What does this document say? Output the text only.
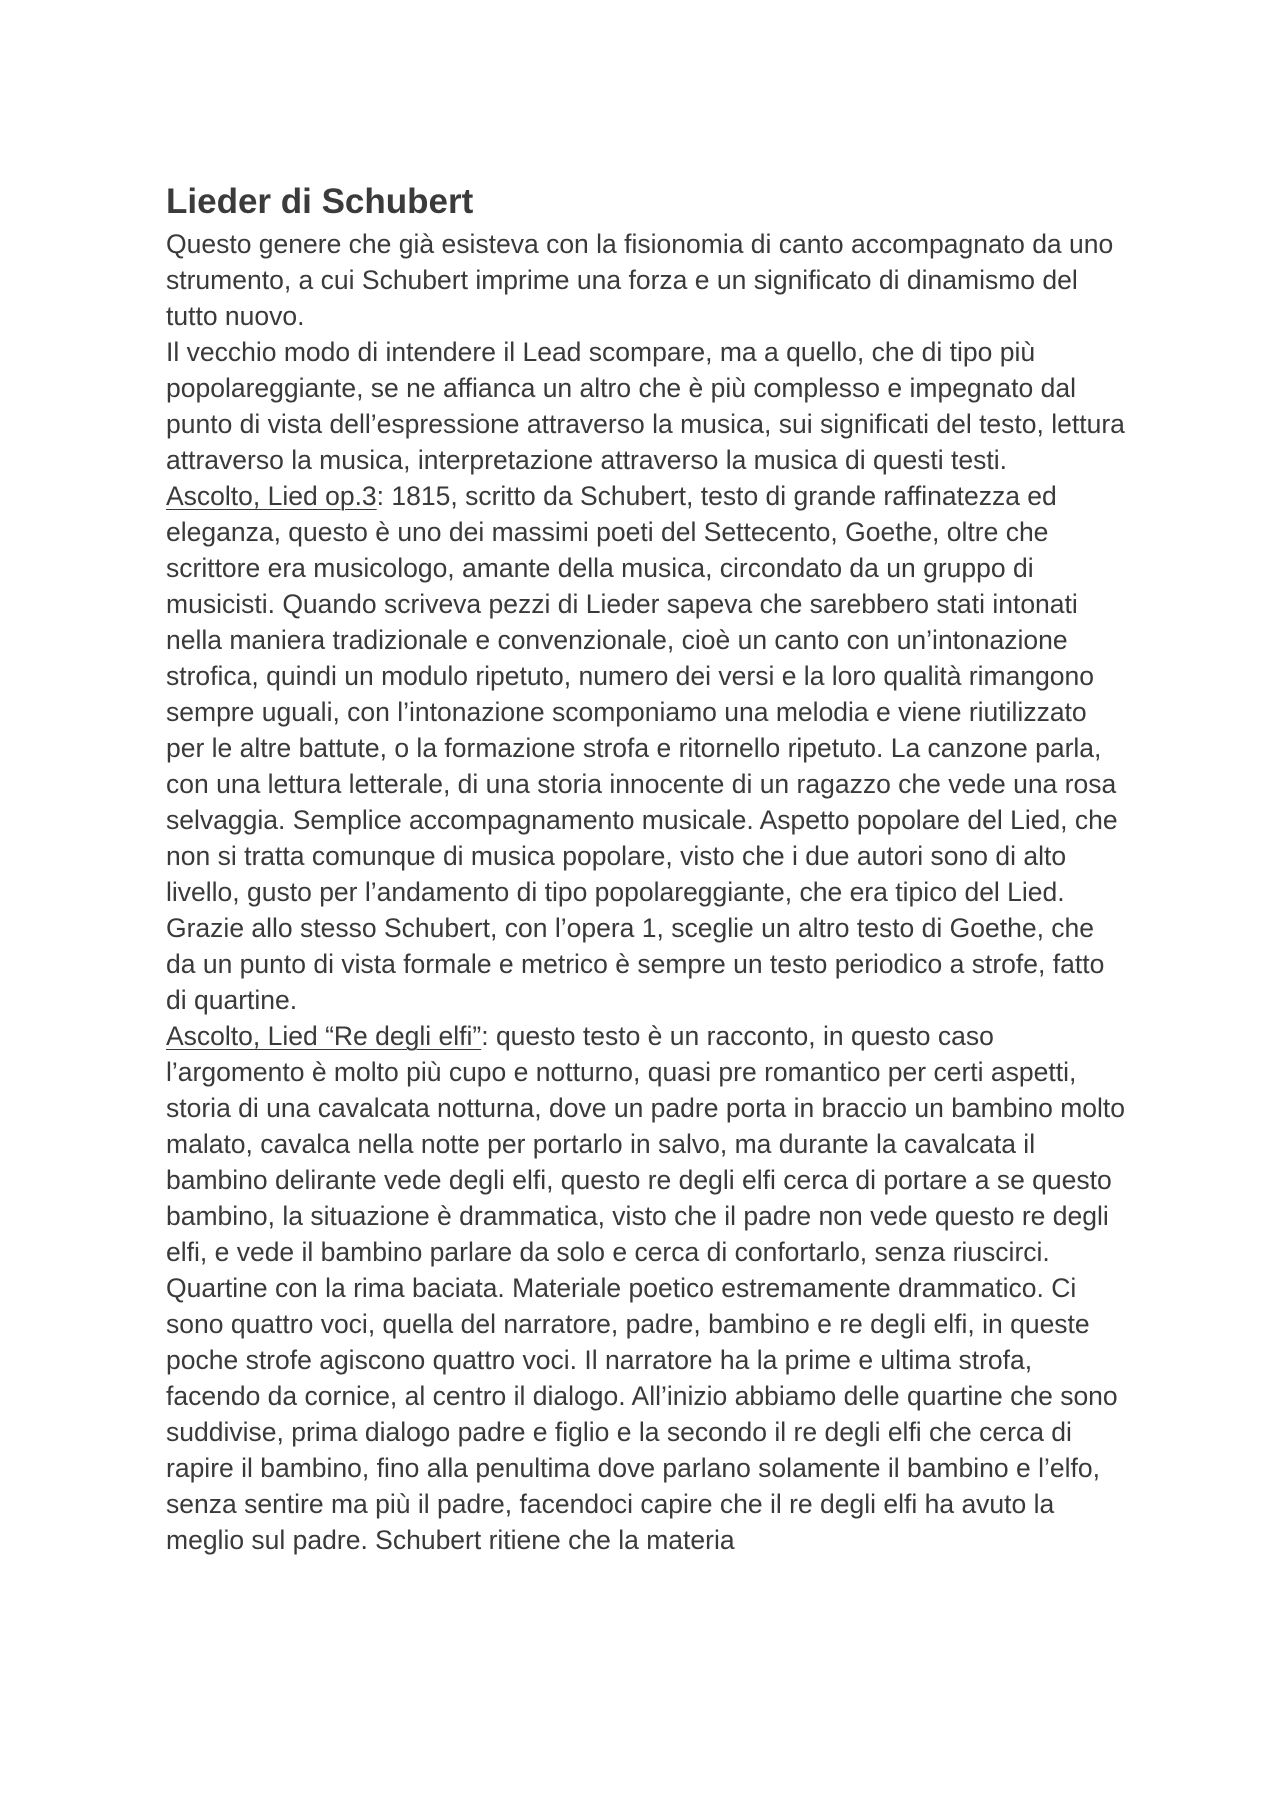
Lieder di Schubert

Questo genere che già esisteva con la fisionomia di canto accompagnato da uno strumento, a cui Schubert imprime una forza e un significato di dinamismo del tutto nuovo.

Il vecchio modo di intendere il Lead scompare, ma a quello, che di tipo più popolareggiante, se ne affianca un altro che è più complesso e impegnato dal punto di vista dell’espressione attraverso la musica, sui significati del testo, lettura attraverso la musica, interpretazione attraverso la musica di questi testi.

Ascolto, Lied op.3: 1815, scritto da Schubert, testo di grande raffinatezza ed eleganza, questo è uno dei massimi poeti del Settecento, Goethe, oltre che scrittore era musicologo, amante della musica, circondato da un gruppo di musicisti. Quando scriveva pezzi di Lieder sapeva che sarebbero stati intonati nella maniera tradizionale e convenzionale, cioè un canto con un’intonazione strofica, quindi un modulo ripetuto, numero dei versi e la loro qualità rimangono sempre uguali, con l’intonazione scomponiamo una melodia e viene riutilizzato per le altre battute, o la formazione strofa e ritornello ripetuto. La canzone parla, con una lettura letterale, di una storia innocente di un ragazzo che vede una rosa selvaggia. Semplice accompagnamento musicale. Aspetto popolare del Lied, che non si tratta comunque di musica popolare, visto che i due autori sono di alto livello, gusto per l’andamento di tipo popolareggiante, che era tipico del Lied.

Grazie allo stesso Schubert, con l’opera 1, sceglie un altro testo di Goethe, che da un punto di vista formale e metrico è sempre un testo periodico a strofe, fatto di quartine.

Ascolto, Lied “Re degli elfi”: questo testo è un racconto, in questo caso l’argomento è molto più cupo e notturno, quasi pre romantico per certi aspetti, storia di una cavalcata notturna, dove un padre porta in braccio un bambino molto malato, cavalca nella notte per portarlo in salvo, ma durante la cavalcata il bambino delirante vede degli elfi, questo re degli elfi cerca di portare a se questo bambino, la situazione è drammatica, visto che il padre non vede questo re degli elfi, e vede il bambino parlare da solo e cerca di confortarlo, senza riuscirci. Quartine con la rima baciata. Materiale poetico estremamente drammatico. Ci sono quattro voci, quella del narratore, padre, bambino e re degli elfi, in queste poche strofe agiscono quattro voci. Il narratore ha la prime e ultima strofa, facendo da cornice, al centro il dialogo. All’inizio abbiamo delle quartine che sono suddivise, prima dialogo padre e figlio e la secondo il re degli elfi che cerca di rapire il bambino, fino alla penultima dove parlano solamente il bambino e l’elfo, senza sentire ma più il padre, facendoci capire che il re degli elfi ha avuto la meglio sul padre. Schubert ritiene che la materia
